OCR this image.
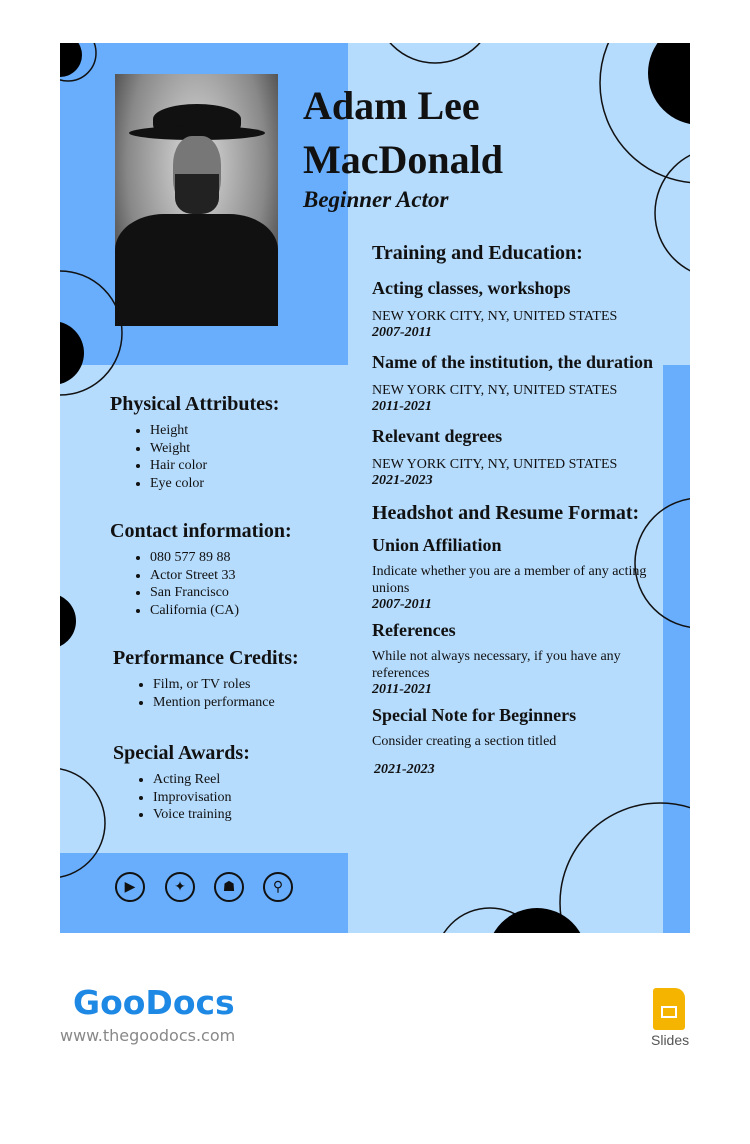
Adam Lee
MacDonald
Beginner Actor
Physical Attributes:
• Height
• Weight
• Hair color
• Eye color
Contact information:
• 080 577 89 88
• Actor Street 33
• San Francisco
• California (CA)
Performance Credits:
• Film, or TV roles
• Mention performance
Special Awards:
• Acting Reel
• Improvisation
• Voice training
Training and Education:
Acting classes, workshops
NEW YORK CITY, NY, UNITED STATES
2007-2011
Name of the institution, the duration
NEW YORK CITY, NY, UNITED STATES
2011-2021
Relevant degrees
NEW YORK CITY, NY, UNITED STATES
2021-2023
Headshot and Resume Format:
Union Affiliation
Indicate whether you are a member of any acting unions
2007-2011
References
While not always necessary, if you have any references
2011-2021
Special Note for Beginners
Consider creating a section titled
2021-2023
▶	✦	☗	⚲
GooDocs
www.thegoodocs.com	Slides
